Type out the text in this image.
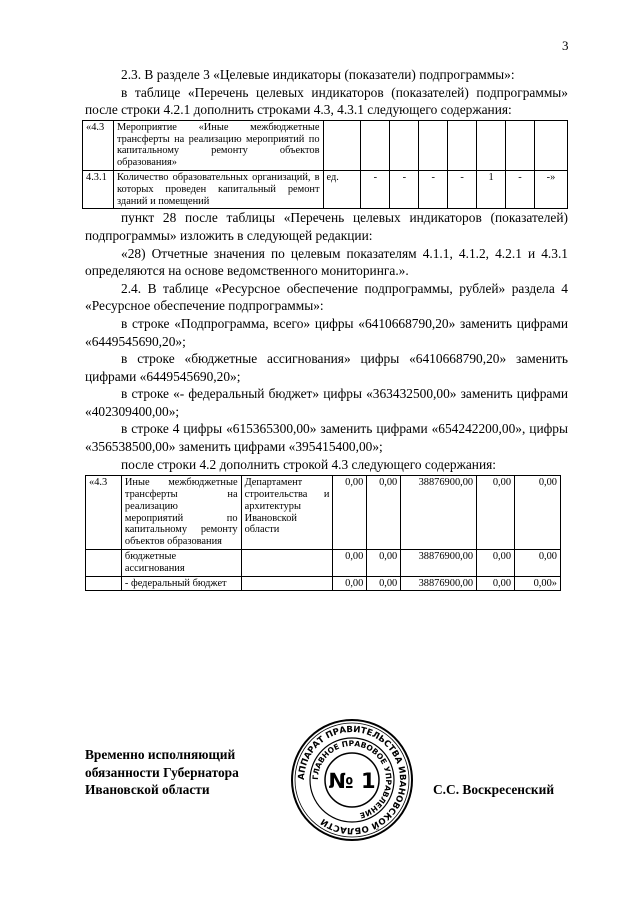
3

2.3. В разделе 3 «Целевые индикаторы (показатели) подпрограммы»:

в таблице «Перечень целевых индикаторов (показателей) подпрограммы» после строки 4.2.1 дополнить строками 4.3, 4.3.1 следующего содержания:

«4.3	Мероприятие «Иные межбюджетные трансферты на реализацию мероприятий по капитальному ремонту объектов образования»								
4.3.1	Количество образовательных организаций, в которых проведен капитальный ремонт зданий и помещений	ед.	-	-	-	-	1	-	-»

пункт 28 после таблицы «Перечень целевых индикаторов (показателей) подпрограммы» изложить в следующей редакции:

«28) Отчетные значения по целевым показателям 4.1.1, 4.1.2, 4.2.1 и 4.3.1 определяются на основе ведомственного мониторинга.».

2.4. В таблице «Ресурсное обеспечение подпрограммы, рублей» раздела 4 «Ресурсное обеспечение подпрограммы»:

в строке «Подпрограмма, всего» цифры «6410668790,20» заменить цифрами «6449545690,20»;

в строке «бюджетные ассигнования» цифры «6410668790,20» заменить цифрами «6449545690,20»;

в строке «- федеральный бюджет» цифры «363432500,00» заменить цифрами «402309400,00»;

в строке 4 цифры «615365300,00» заменить цифрами «654242200,00», цифры «356538500,00» заменить цифрами «395415400,00»;

после строки 4.2 дополнить строкой 4.3 следующего содержания:

«4.3	Иные межбюджетные трансферты на реализацию мероприятий по капитальному ремонту объектов образования	Департамент строительства и архитектуры Ивановской области	0,00	0,00	38876900,00	0,00	0,00
	бюджетные ассигнования		0,00	0,00	38876900,00	0,00	0,00
	- федеральный бюджет		0,00	0,00	38876900,00	0,00	0,00»
Временно исполняющий
обязанности Губернатора
Ивановской области
АППАРАТ ПРАВИТЕЛЬСТВА ИВАНОВСКОЙ ОБЛАСТИ
ГЛАВНОЕ ПРАВОВОЕ УПРАВЛЕНИЕ
№ 1	С.С. Воскресенский
